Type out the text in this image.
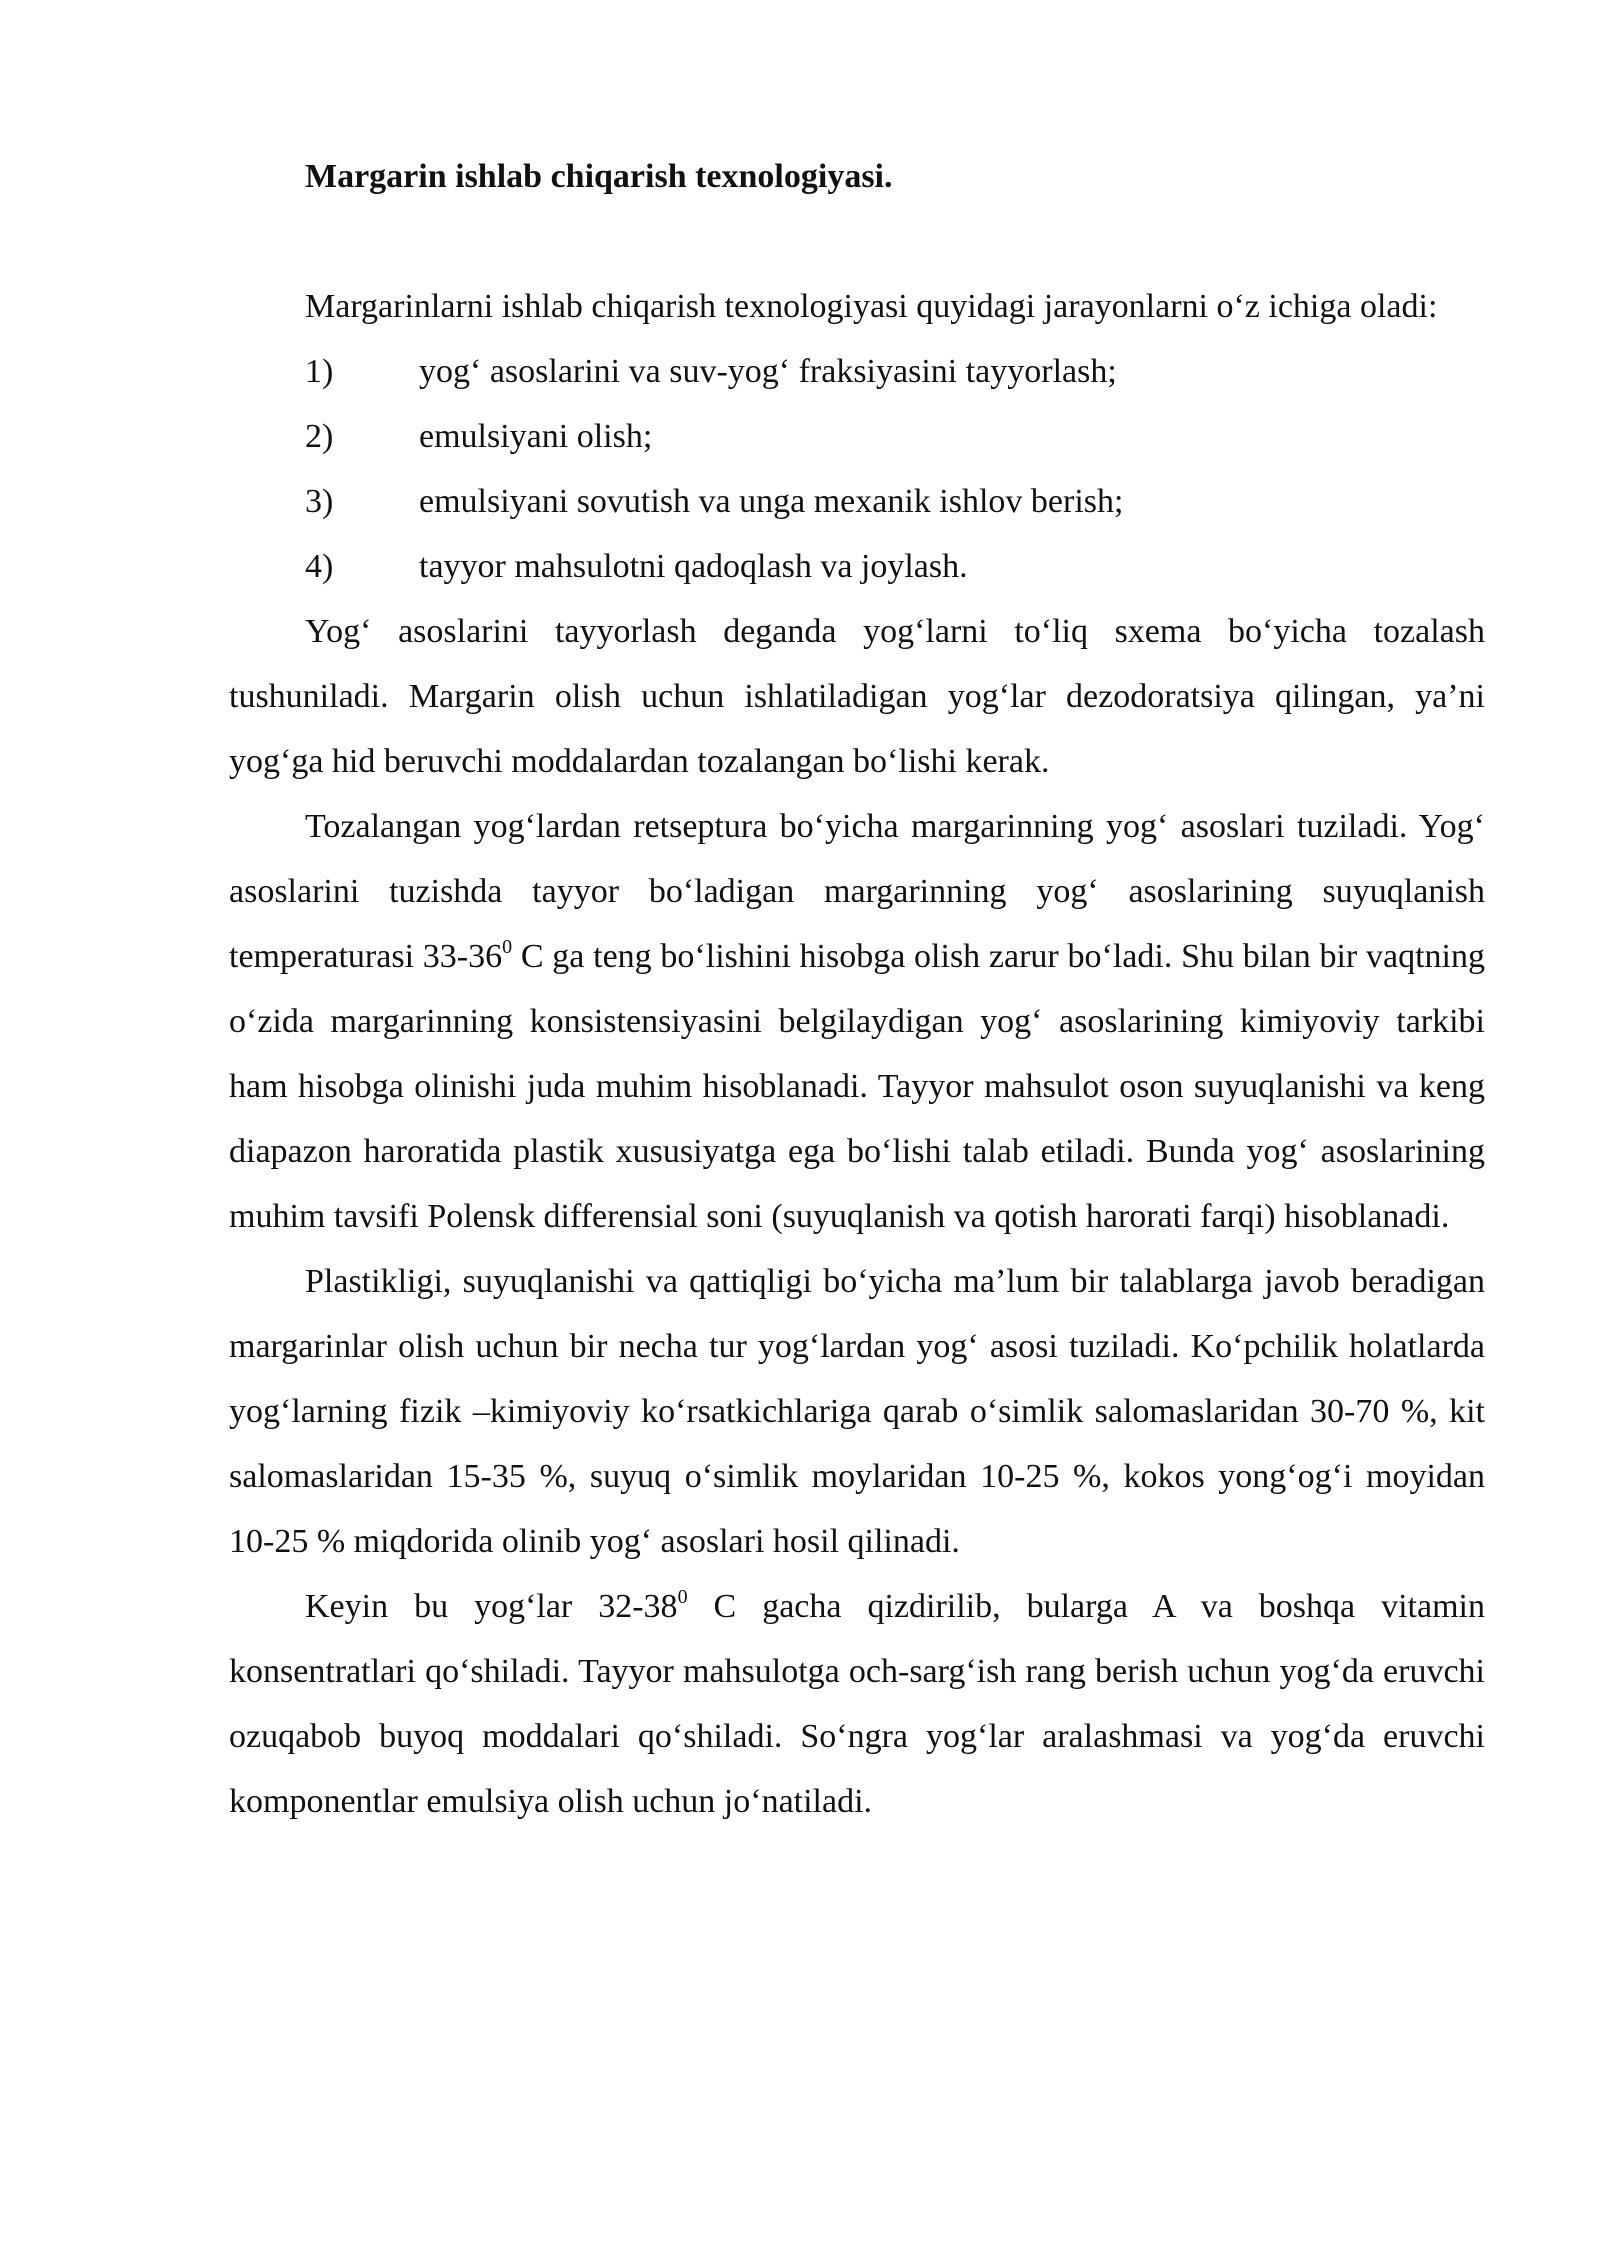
Margarin ishlab chiqarish texnologiyasi.

Margarinlarni ishlab chiqarish texnologiyasi quyidagi jarayonlarni o‘z ichiga oladi:

1)	yog‘ asoslarini va suv-yog‘ fraksiyasini tayyorlash;
2)	emulsiyani olish;
3)	emulsiyani sovutish va unga mexanik ishlov berish;
4)	tayyor mahsulotni qadoqlash va joylash.

Yog‘ asoslarini tayyorlash deganda yog‘larni to‘liq sxema bo‘yicha tozalash tushuniladi. Margarin olish uchun ishlatiladigan yog‘lar dezodoratsiya qilingan, ya’ni yog‘ga hid beruvchi moddalardan tozalangan bo‘lishi kerak.

Tozalangan yog‘lardan retseptura bo‘yicha margarinning yog‘ asoslari tuziladi. Yog‘ asoslarini tuzishda tayyor bo‘ladigan margarinning yog‘ asoslarining suyuqlanish temperaturasi $33-36^0$ C ga teng bo‘lishini hisobga olish zarur bo‘ladi. Shu bilan bir vaqtning o‘zida margarinning konsistensiyasini belgilaydigan yog‘ asoslarining kimiyoviy tarkibi ham hisobga olinishi juda muhim hisoblanadi. Tayyor mahsulot oson suyuqlanishi va keng diapazon haroratida plastik xususiyatga ega bo‘lishi talab etiladi. Bunda yog‘ asoslarining muhim tavsifi Polensk differensial soni (suyuqlanish va qotish harorati farqi) hisoblanadi.

Plastikligi, suyuqlanishi va qattiqligi bo‘yicha ma’lum bir talablarga javob beradigan margarinlar olish uchun bir necha tur yog‘lardan yog‘ asosi tuziladi. Ko‘pchilik holatlarda yog‘larning fizik –kimiyoviy ko‘rsatkichlariga qarab o‘simlik salomaslaridan 30-70 %, kit salomaslaridan 15-35 %, suyuq o‘simlik moylaridan 10-25 %, kokos yong‘og‘i moyidan 10-25 % miqdorida olinib yog‘ asoslari hosil qilinadi.

Keyin bu yog‘lar $32-38^0$ C gacha qizdirilib, bularga A va boshqa vitamin konsentratlari qo‘shiladi. Tayyor mahsulotga och-sarg‘ish rang berish uchun yog‘da eruvchi ozuqabob buyoq moddalari qo‘shiladi. So‘ngra yog‘lar aralashmasi va yog‘da eruvchi komponentlar emulsiya olish uchun jo‘natiladi.
